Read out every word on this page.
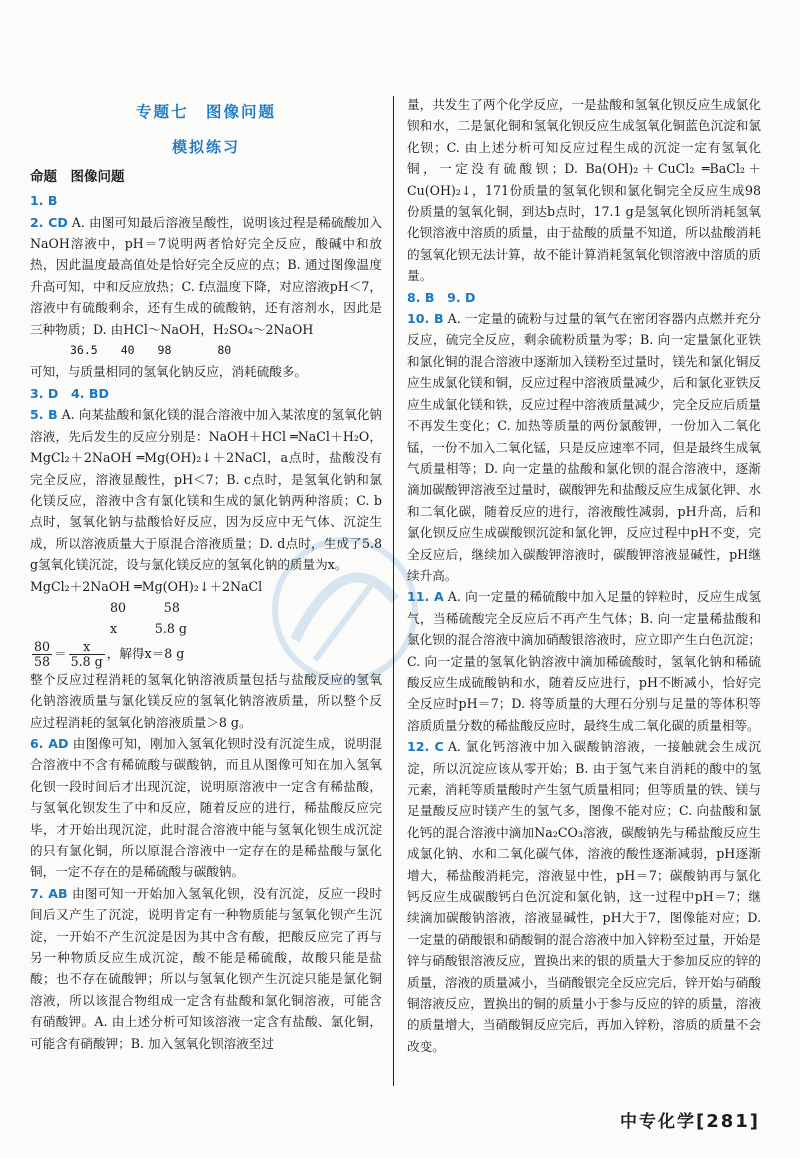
专题七　图像问题
模拟练习
命题　图像问题

1. B

2. CD A. 由图可知最后溶液呈酸性，说明该过程是稀硫酸加入NaOH溶液中，pH＝7说明两者恰好完全反应，酸碱中和放热，因此温度最高值处是恰好完全反应的点；B. 通过图像温度升高可知，中和反应放热；C. f点温度下降，对应溶液pH＜7，溶液中有硫酸剩余，还有生成的硫酸钠，还有溶剂水，因此是三种物质；D. 由HCl～NaOH，H₂SO₄～2NaOH

36.5　　40　　98　　　　80

可知，与质量相同的氢氧化钠反应，消耗硫酸多。

3. D　4. BD

5. B A. 向某盐酸和氯化镁的混合溶液中加入某浓度的氢氧化钠溶液，先后发生的反应分别是：NaOH＋HCl ═NaCl＋H₂O，MgCl₂＋2NaOH ═Mg(OH)₂↓＋2NaCl，a点时，盐酸没有完全反应，溶液显酸性，pH＜7；B. c点时，是氢氧化钠和氯化镁反应，溶液中含有氯化镁和生成的氯化钠两种溶质；C. b点时，氢氧化钠与盐酸恰好反应，因为反应中无气体、沉淀生成，所以溶液质量大于原混合溶液质量；D. d点时，生成了5.8 g氢氧化镁沉淀，设与氯化镁反应的氢氧化钠的质量为x。

MgCl₂＋2NaOH ═Mg(OH)₂↓＋2NaCl

80　　　58

x　　　5.8 g

$\frac{80}{58} = \frac{x}{5.8 g}$ ，解得x＝8 g

整个反应过程消耗的氢氧化钠溶液质量包括与盐酸反应的氢氧化钠溶液质量与氯化镁反应的氢氧化钠溶液质量，所以整个反应过程消耗的氢氧化钠溶液质量＞8 g。

6. AD 由图像可知，刚加入氢氧化钡时没有沉淀生成，说明混合溶液中不含有稀硫酸与碳酸钠，而且从图像可知在加入氢氧化钡一段时间后才出现沉淀，说明原溶液中一定含有稀盐酸，与氢氧化钡发生了中和反应，随着反应的进行，稀盐酸反应完毕，才开始出现沉淀，此时混合溶液中能与氢氧化钡生成沉淀的只有氯化铜，所以原混合溶液中一定存在的是稀盐酸与氯化铜，一定不存在的是稀硫酸与碳酸钠。

7. AB 由图可知一开始加入氢氧化钡，没有沉淀，反应一段时间后又产生了沉淀，说明肯定有一种物质能与氢氧化钡产生沉淀，一开始不产生沉淀是因为其中含有酸，把酸反应完了再与另一种物质反应生成沉淀，酸不能是稀硫酸，故酸只能是盐酸；也不存在硫酸钾；所以与氢氧化钡产生沉淀只能是氯化铜溶液，所以该混合物组成一定含有盐酸和氯化铜溶液，可能含有硝酸钾。A. 由上述分析可知该溶液一定含有盐酸、氯化铜，可能含有硝酸钾；B. 加入氢氧化钡溶液至过

量，共发生了两个化学反应，一是盐酸和氢氧化钡反应生成氯化钡和水，二是氯化铜和氢氧化钡反应生成氢氧化铜蓝色沉淀和氯化钡；C. 由上述分析可知反应过程生成的沉淀一定有氢氧化铜，一定没有硫酸钡；D. Ba(OH)₂＋CuCl₂ ═BaCl₂＋Cu(OH)₂↓，171份质量的氢氧化钡和氯化铜完全反应生成98份质量的氢氧化铜，到达b点时，17.1 g是氢氧化钡所消耗氢氧化钡溶液中溶质的质量，由于盐酸的质量不知道，所以盐酸消耗的氢氧化钡无法计算，故不能计算消耗氢氧化钡溶液中溶质的质量。

8. B　9. D

10. B A. 一定量的硫粉与过量的氧气在密闭容器内点燃并充分反应，硫完全反应，剩余硫粉质量为零；B. 向一定量氯化亚铁和氯化铜的混合溶液中逐渐加入镁粉至过量时，镁先和氯化铜反应生成氯化镁和铜，反应过程中溶液质量减少，后和氯化亚铁反应生成氯化镁和铁，反应过程中溶液质量减少，完全反应后质量不再发生变化；C. 加热等质量的两份氯酸钾，一份加入二氧化锰，一份不加入二氧化锰，只是反应速率不同，但是最终生成氧气质量相等；D. 向一定量的盐酸和氯化钡的混合溶液中，逐渐滴加碳酸钾溶液至过量时，碳酸钾先和盐酸反应生成氯化钾、水和二氧化碳，随着反应的进行，溶液酸性减弱，pH升高，后和氯化钡反应生成碳酸钡沉淀和氯化钾，反应过程中pH不变，完全反应后，继续加入碳酸钾溶液时，碳酸钾溶液显碱性，pH继续升高。

11. A A. 向一定量的稀硫酸中加入足量的锌粒时，反应生成氢气，当稀硫酸完全反应后不再产生气体；B. 向一定量稀盐酸和氯化钡的混合溶液中滴加硝酸银溶液时，应立即产生白色沉淀；C. 向一定量的氢氧化钠溶液中滴加稀硫酸时，氢氧化钠和稀硫酸反应生成硫酸钠和水，随着反应进行，pH不断减小，恰好完全反应时pH＝7；D. 将等质量的大理石分别与足量的等体积等溶质质量分数的稀盐酸反应时，最终生成二氧化碳的质量相等。

12. C A. 氯化钙溶液中加入碳酸钠溶液，一接触就会生成沉淀，所以沉淀应该从零开始；B. 由于氢气来自消耗的酸中的氢元素，消耗等质量酸时产生氢气质量相同；但等质量的铁、镁与足量酸反应时镁产生的氢气多，图像不能对应；C. 向盐酸和氯化钙的混合溶液中滴加Na₂CO₃溶液，碳酸钠先与稀盐酸反应生成氯化钠、水和二氧化碳气体，溶液的酸性逐渐减弱，pH逐渐增大，稀盐酸消耗完，溶液显中性，pH＝7；碳酸钠再与氯化钙反应生成碳酸钙白色沉淀和氯化钠，这一过程中pH＝7；继续滴加碳酸钠溶液，溶液显碱性，pH大于7，图像能对应；D. 一定量的硝酸银和硝酸铜的混合溶液中加入锌粉至过量，开始是锌与硝酸银溶液反应，置换出来的银的质量大于参加反应的锌的质量，溶液的质量减小，当硝酸银完全反应完后，锌开始与硝酸铜溶液反应，置换出的铜的质量小于参与反应的锌的质量，溶液的质量增大，当硝酸铜反应完后，再加入锌粉，溶质的质量不会改变。

中专化学[281]
